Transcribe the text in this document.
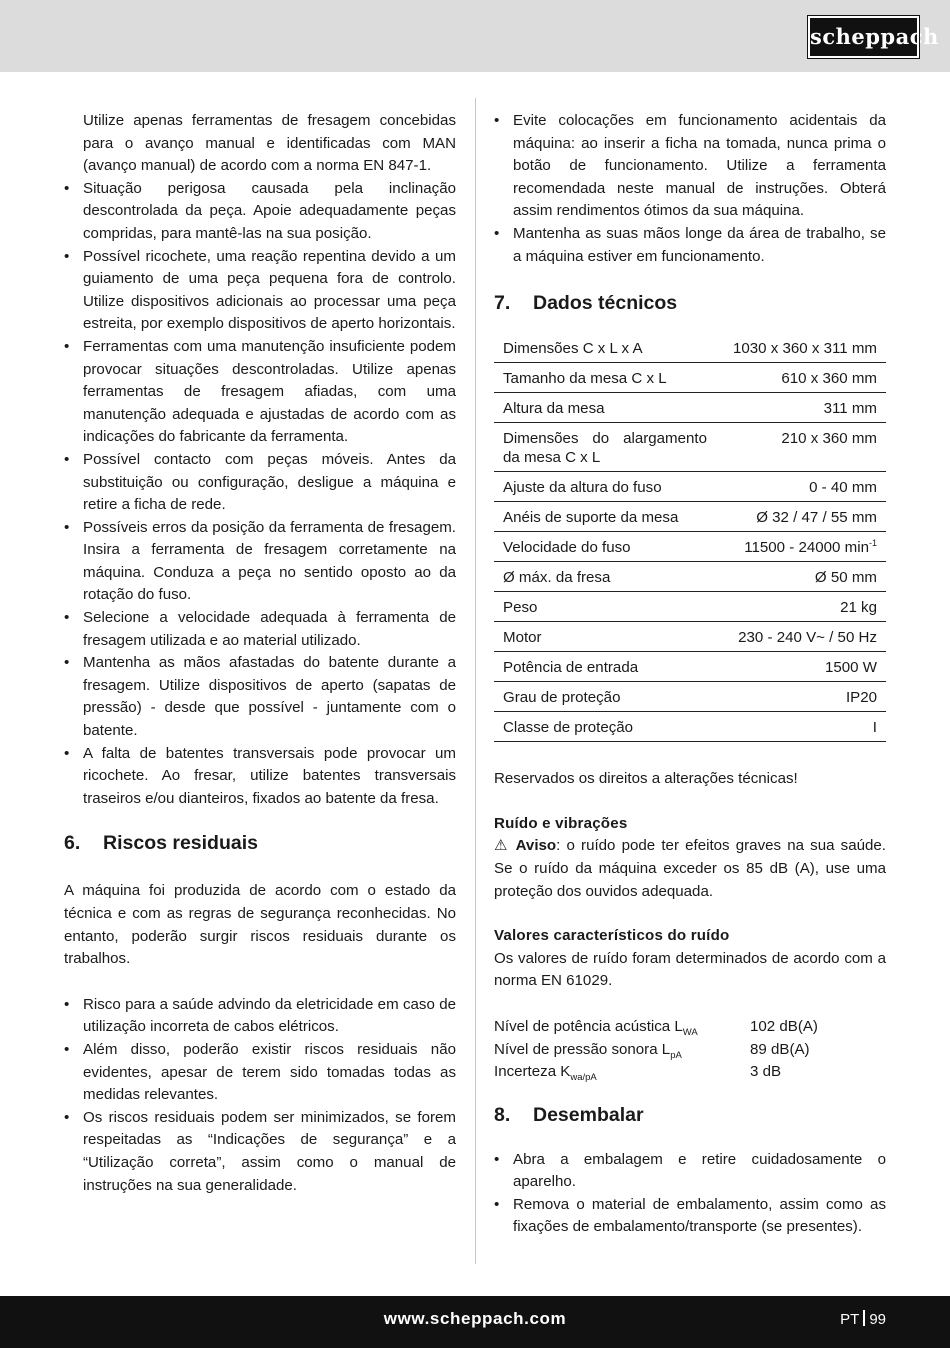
scheppach

Utilize apenas ferramentas de fresagem concebidas para o avanço manual e identificadas com MAN (avanço manual) de acordo com a norma EN 847-1.

• Situação perigosa causada pela inclinação descontrolada da peça. Apoie adequadamente peças compridas, para mantê-las na sua posição.
• Possível ricochete, uma reação repentina devido a um guiamento de uma peça pequena fora de controlo. Utilize dispositivos adicionais ao processar uma peça estreita, por exemplo dispositivos de aperto horizontais.
• Ferramentas com uma manutenção insuficiente podem provocar situações descontroladas. Utilize apenas ferramentas de fresagem afiadas, com uma manutenção adequada e ajustadas de acordo com as indicações do fabricante da ferramenta.
• Possível contacto com peças móveis. Antes da substituição ou configuração, desligue a máquina e retire a ficha de rede.
• Possíveis erros da posição da ferramenta de fresagem. Insira a ferramenta de fresagem corretamente na máquina. Conduza a peça no sentido oposto ao da rotação do fuso.
• Selecione a velocidade adequada à ferramenta de fresagem utilizada e ao material utilizado.
• Mantenha as mãos afastadas do batente durante a fresagem. Utilize dispositivos de aperto (sapatas de pressão) - desde que possível - juntamente com o batente.
• A falta de batentes transversais pode provocar um ricochete. Ao fresar, utilize batentes transversais traseiros e/ou dianteiros, fixados ao batente da fresa.
6.	Riscos residuais

A máquina foi produzida de acordo com o estado da técnica e com as regras de segurança reconhecidas. No entanto, poderão surgir riscos residuais durante os trabalhos.

• Risco para a saúde advindo da eletricidade em caso de utilização incorreta de cabos elétricos.
• Além disso, poderão existir riscos residuais não evidentes, apesar de terem sido tomadas todas as medidas relevantes.
• Os riscos residuais podem ser minimizados, se forem respeitadas as “Indicações de segurança” e a “Utilização correta”, assim como o manual de instruções na sua generalidade.
• Evite colocações em funcionamento acidentais da máquina: ao inserir a ficha na tomada, nunca prima o botão de funcionamento. Utilize a ferramenta recomendada neste manual de instruções. Obterá assim rendimentos ótimos da sua máquina.
• Mantenha as suas mãos longe da área de trabalho, se a máquina estiver em funcionamento.
7.	Dados técnicos
Dimensões C x L x A	1030 x 360 x 311 mm
Tamanho da mesa C x L	610 x 360 mm
Altura da mesa	311 mm
Dimensões do alargamento da mesa C x L	210 x 360 mm
Ajuste da altura do fuso	0 - 40 mm
Anéis de suporte da mesa	Ø 32 / 47 / 55 mm
Velocidade do fuso	11500 - 24000 $\min^{-1}$
Ø máx. da fresa	Ø 50 mm
Peso	21 kg
Motor	230 - 240 V~ / 50 Hz
Potência de entrada	1500 W
Grau de proteção	IP20
Classe de proteção	I

Reservados os direitos a alterações técnicas!

Ruído e vibrações

⚠ Aviso: o ruído pode ter efeitos graves na sua saúde. Se o ruído da máquina exceder os 85 dB (A), use uma proteção dos ouvidos adequada.

Valores característicos do ruído

Os valores de ruído foram determinados de acordo com a norma EN 61029.

Nível de potência acústica $L_{WA}$	102 dB(A)
Nível de pressão sonora $L_{pA}$	89 dB(A)
Incerteza $K_{wa/pA}$	3 dB
8.	Desembalar
• Abra a embalagem e retire cuidadosamente o aparelho.
• Remova o material de embalamento, assim como as fixações de embalamento/transporte (se presentes).
www.scheppach.com	PT 99
